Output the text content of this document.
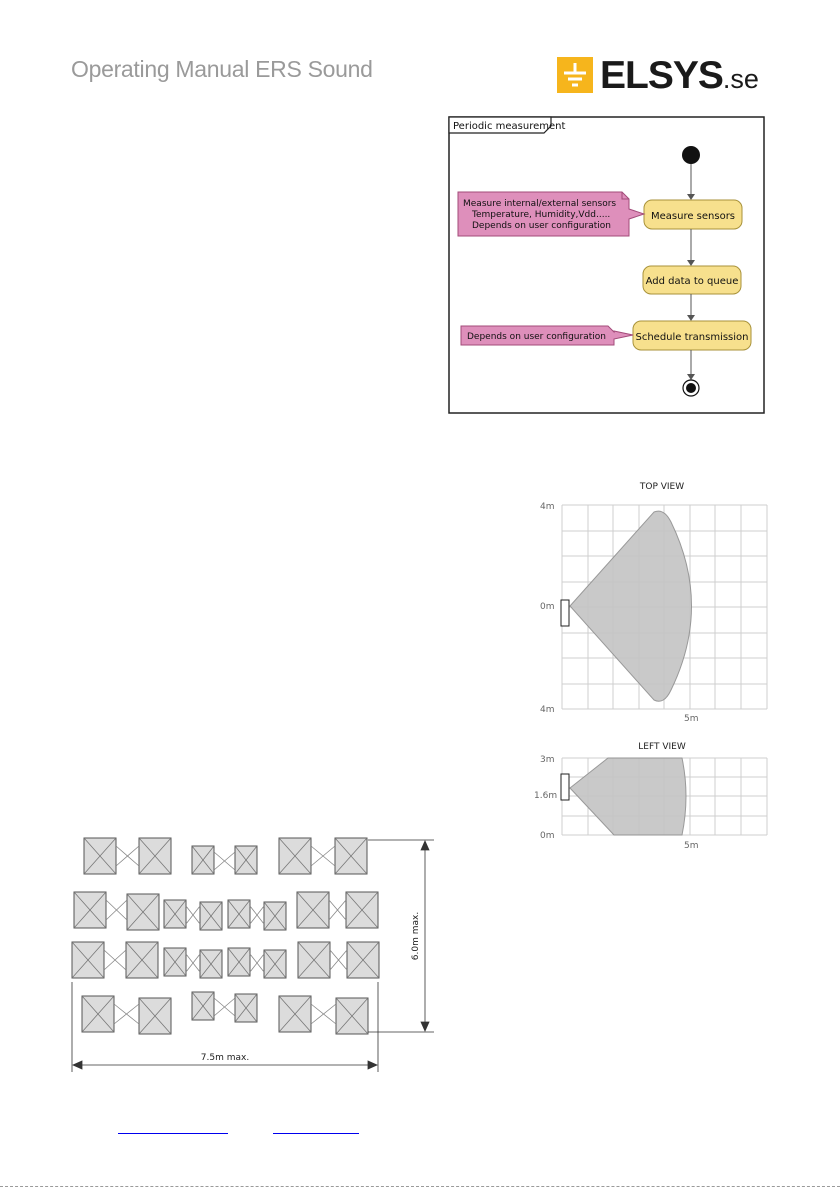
Operating Manual ERS Sound	ELSYS.se
Periodic measurement
Measure sensors
Add data to queue
Schedule transmission
Measure internal/external sensors
Temperature, Humidity,Vdd.....
Depends on user configuration
Depends on user configuration
TOP VIEW
4m
0m
4m
5m
LEFT VIEW
3m
1.6m
0m
5m
6.0m max.
7.5m max.
